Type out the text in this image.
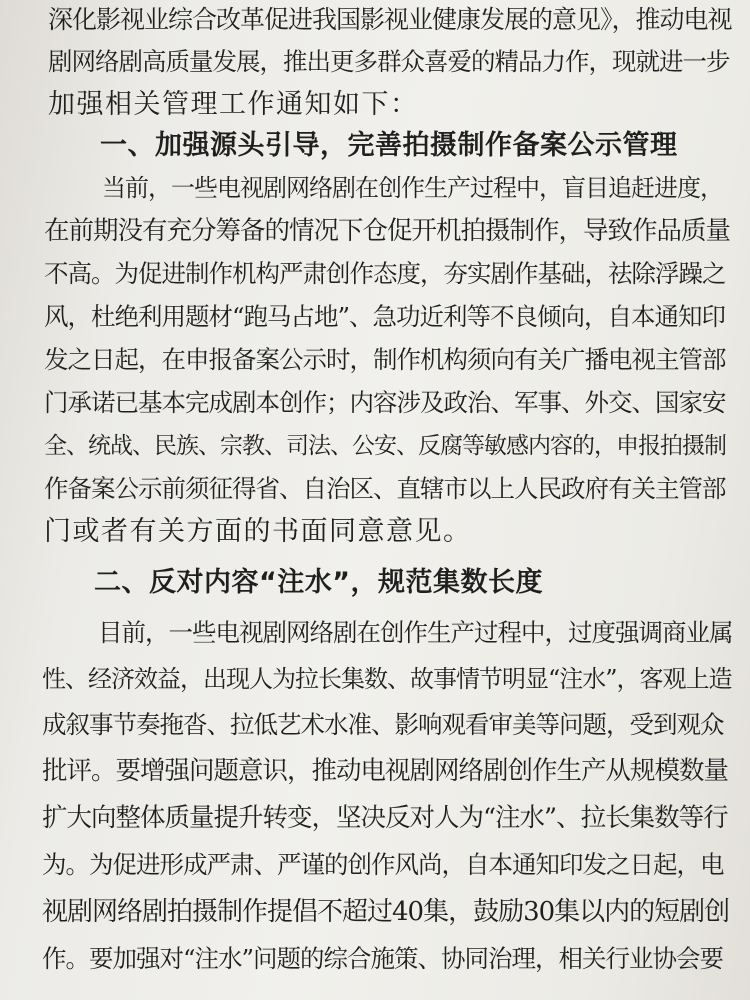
深化影视业综合改革促进我国影视业健康发展的意见》，推动电视
剧网络剧高质量发展，推出更多群众喜爱的精品力作，现就进一步
加强相关管理工作通知如下：
一、加强源头引导，完善拍摄制作备案公示管理
当前，一些电视剧网络剧在创作生产过程中，盲目追赶进度，
在前期没有充分筹备的情况下仓促开机拍摄制作，导致作品质量
不高。为促进制作机构严肃创作态度，夯实剧作基础，祛除浮躁之
风，杜绝利用题材“跑马占地”、急功近利等不良倾向，自本通知印
发之日起，在申报备案公示时，制作机构须向有关广播电视主管部
门承诺已基本完成剧本创作；内容涉及政治、军事、外交、国家安
全、统战、民族、宗教、司法、公安、反腐等敏感内容的，申报拍摄制
作备案公示前须征得省、自治区、直辖市以上人民政府有关主管部
门或者有关方面的书面同意意见。
二、反对内容“注水”，规范集数长度
目前，一些电视剧网络剧在创作生产过程中，过度强调商业属
性、经济效益，出现人为拉长集数、故事情节明显“注水”，客观上造
成叙事节奏拖沓、拉低艺术水准、影响观看审美等问题，受到观众
批评。要增强问题意识，推动电视剧网络剧创作生产从规模数量
扩大向整体质量提升转变，坚决反对人为“注水”、拉长集数等行
为。为促进形成严肃、严谨的创作风尚，自本通知印发之日起，电
视剧网络剧拍摄制作提倡不超过40集，鼓励30集以内的短剧创
作。要加强对“注水”问题的综合施策、协同治理，相关行业协会要
